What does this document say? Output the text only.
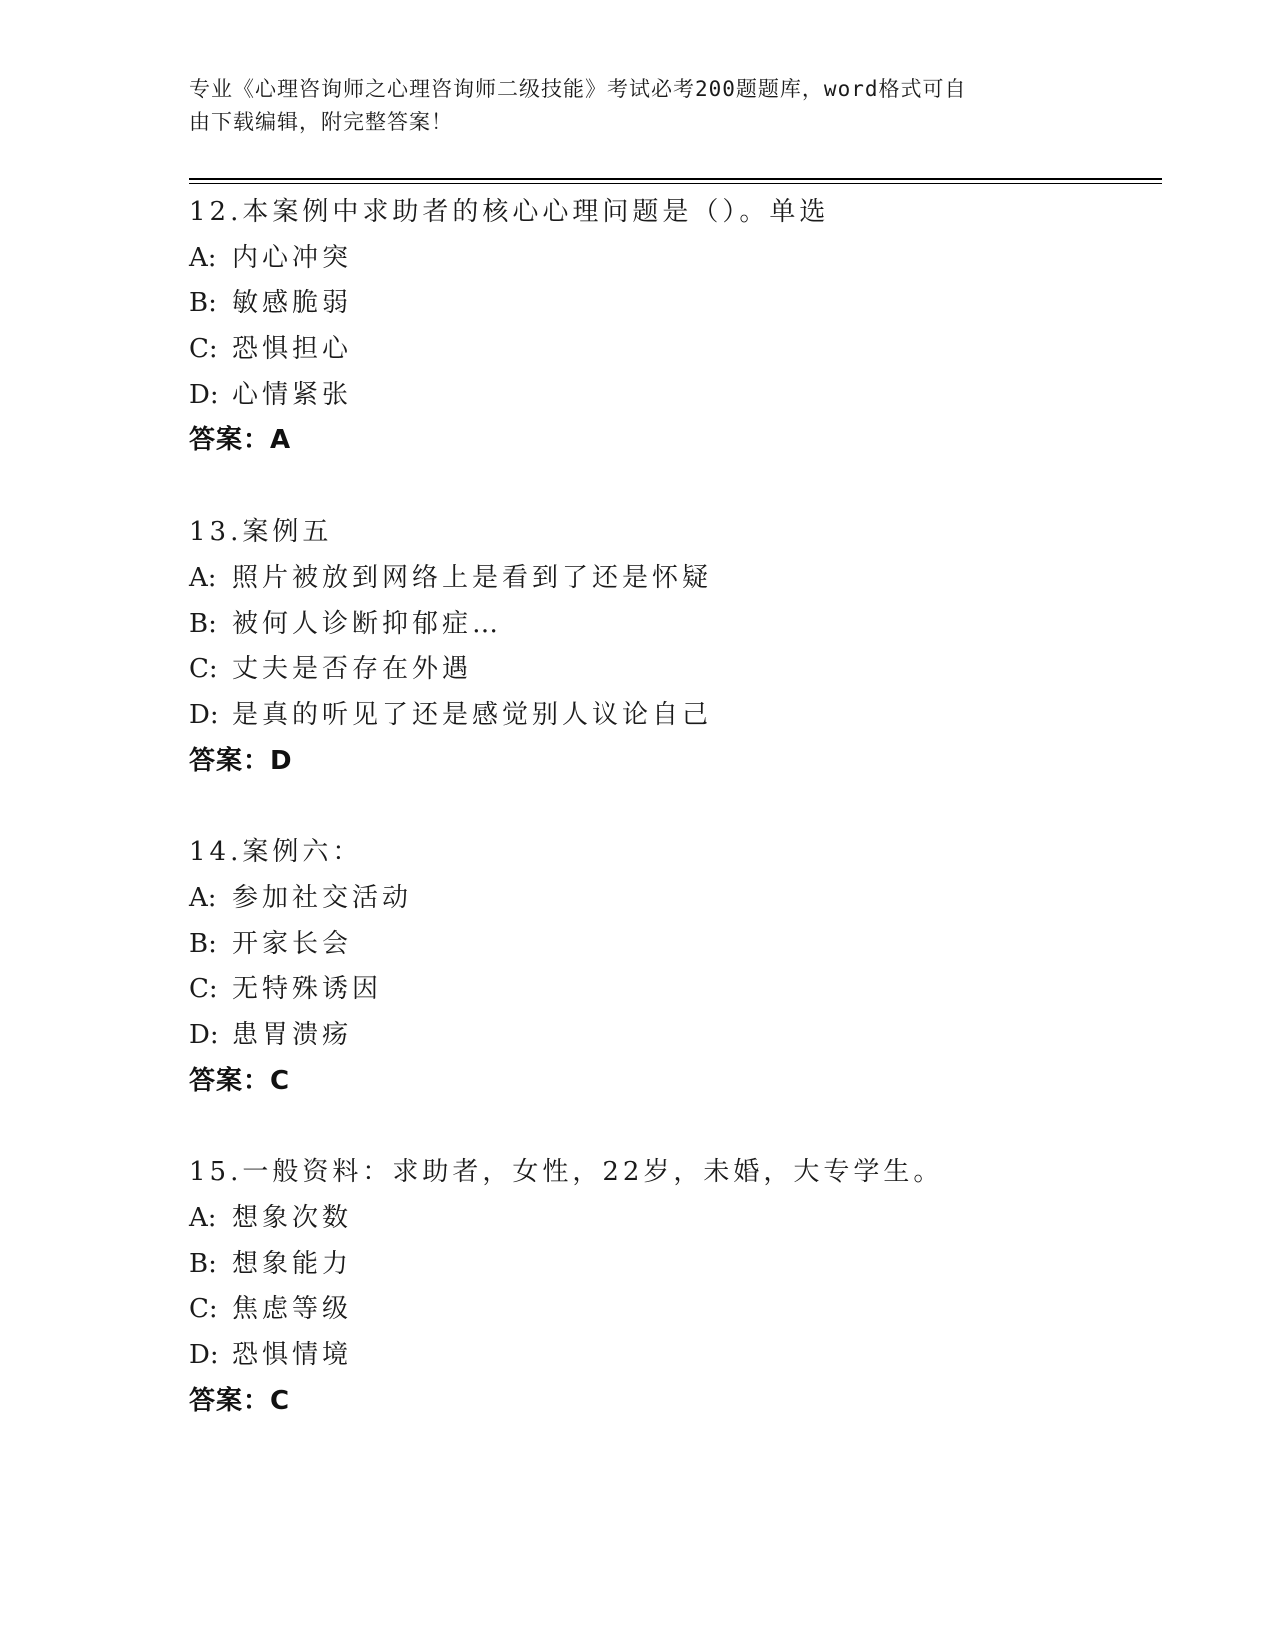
专业《心理咨询师之心理咨询师二级技能》考试必考200题题库，word格式可自
由下载编辑，附完整答案！
12.本案例中求助者的核心心理问题是（）。单选
A: 内心冲突
B: 敏感脆弱
C: 恐惧担心
D: 心情紧张
答案：A
13.案例五
A: 照片被放到网络上是看到了还是怀疑
B: 被何人诊断抑郁症…
C: 丈夫是否存在外遇
D: 是真的听见了还是感觉别人议论自己
答案：D
14.案例六：
A: 参加社交活动
B: 开家长会
C: 无特殊诱因
D: 患胃溃疡
答案：C
15.一般资料：求助者，女性，22岁，未婚，大专学生。
A: 想象次数
B: 想象能力
C: 焦虑等级
D: 恐惧情境
答案：C
